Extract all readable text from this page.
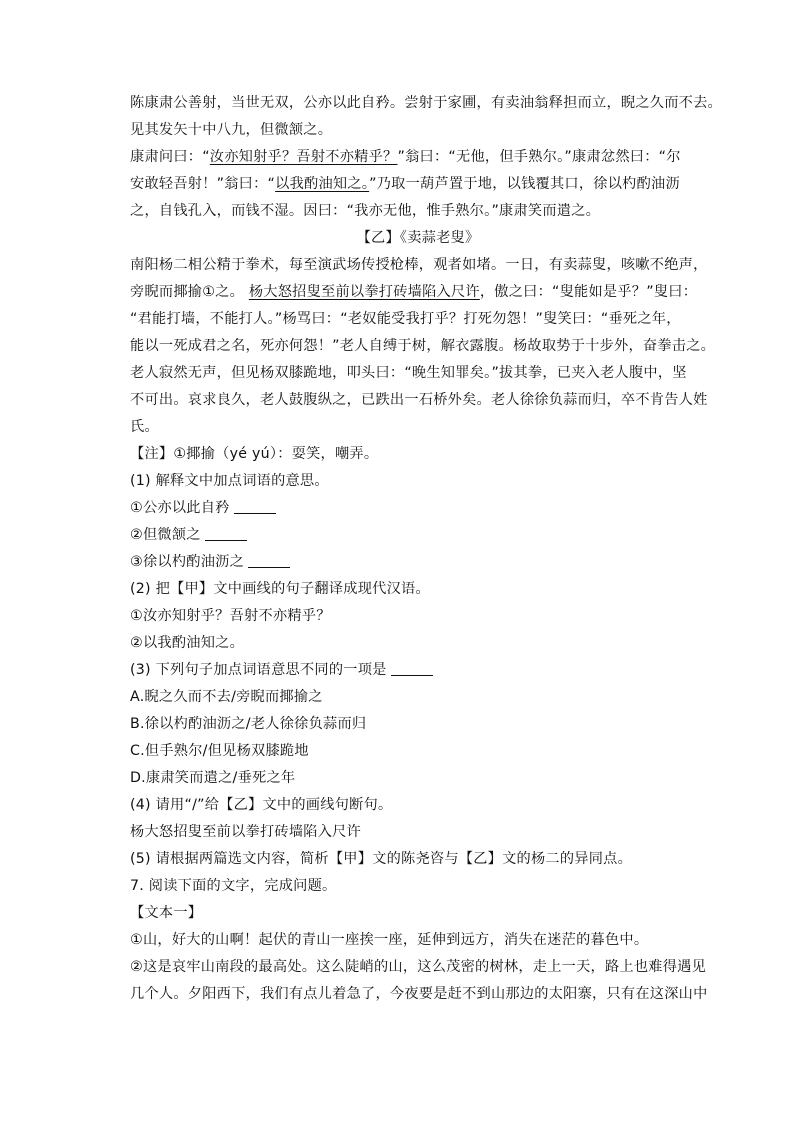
陈康肃公善射，当世无双，公亦以此自矜。尝射于家圃，有卖油翁释担而立，睨之久而不去。
见其发矢十中八九，但微颔之。
康肃问曰：“汝亦知射乎？吾射不亦精乎？”翁曰：“无他，但手熟尔。”康肃忿然曰：“尔
安敢轻吾射！”翁曰：“以我酌油知之。”乃取一葫芦置于地，以钱覆其口，徐以杓酌油沥
之，自钱孔入，而钱不湿。因曰：“我亦无他，惟手熟尔。”康肃笑而遣之。
【乙】《卖蒜老叟》
南阳杨二相公精于拳术，每至演武场传授枪棒，观者如堵。一日，有卖蒜叟，咳嗽不绝声，
旁睨而揶揄①之。 杨大怒招叟至前以拳打砖墙陷入尺许，傲之曰：“叟能如是乎？”叟曰：
“君能打墙，不能打人。”杨骂曰：“老奴能受我打乎？打死勿怨！”叟笑曰：“垂死之年，
能以一死成君之名，死亦何怨！”老人自缚于树，解衣露腹。杨故取势于十步外，奋拳击之。
老人寂然无声，但见杨双膝跪地，叩头曰：“晚生知罪矣。”拔其拳，已夹入老人腹中，坚
不可出。哀求良久，老人鼓腹纵之，已跌出一石桥外矣。老人徐徐负蒜而归，卒不肯告人姓
氏。
【注】①揶揄（yé yú）：耍笑，嘲弄。
(1) 解释文中加点词语的意思。
①公亦以此自矜
②但微颔之
③徐以杓酌油沥之
(2) 把【甲】文中画线的句子翻译成现代汉语。
①汝亦知射乎？吾射不亦精乎？
②以我酌油知之。
(3) 下列句子加点词语意思不同的一项是
A.睨之久而不去/旁睨而揶揄之
B.徐以杓酌油沥之/老人徐徐负蒜而归
C.但手熟尔/但见杨双膝跪地
D.康肃笑而遣之/垂死之年
(4) 请用“/”给【乙】文中的画线句断句。
杨大怒招叟至前以拳打砖墙陷入尺许
(5) 请根据两篇选文内容，简析【甲】文的陈尧咨与【乙】文的杨二的异同点。
7. 阅读下面的文字，完成问题。
【文本一】
①山，好大的山啊！起伏的青山一座挨一座，延伸到远方，消失在迷茫的暮色中。
②这是哀牢山南段的最高处。这么陡峭的山，这么茂密的树林，走上一天，路上也难得遇见
几个人。夕阳西下，我们有点儿着急了，今夜要是赶不到山那边的太阳寨，只有在这深山中
